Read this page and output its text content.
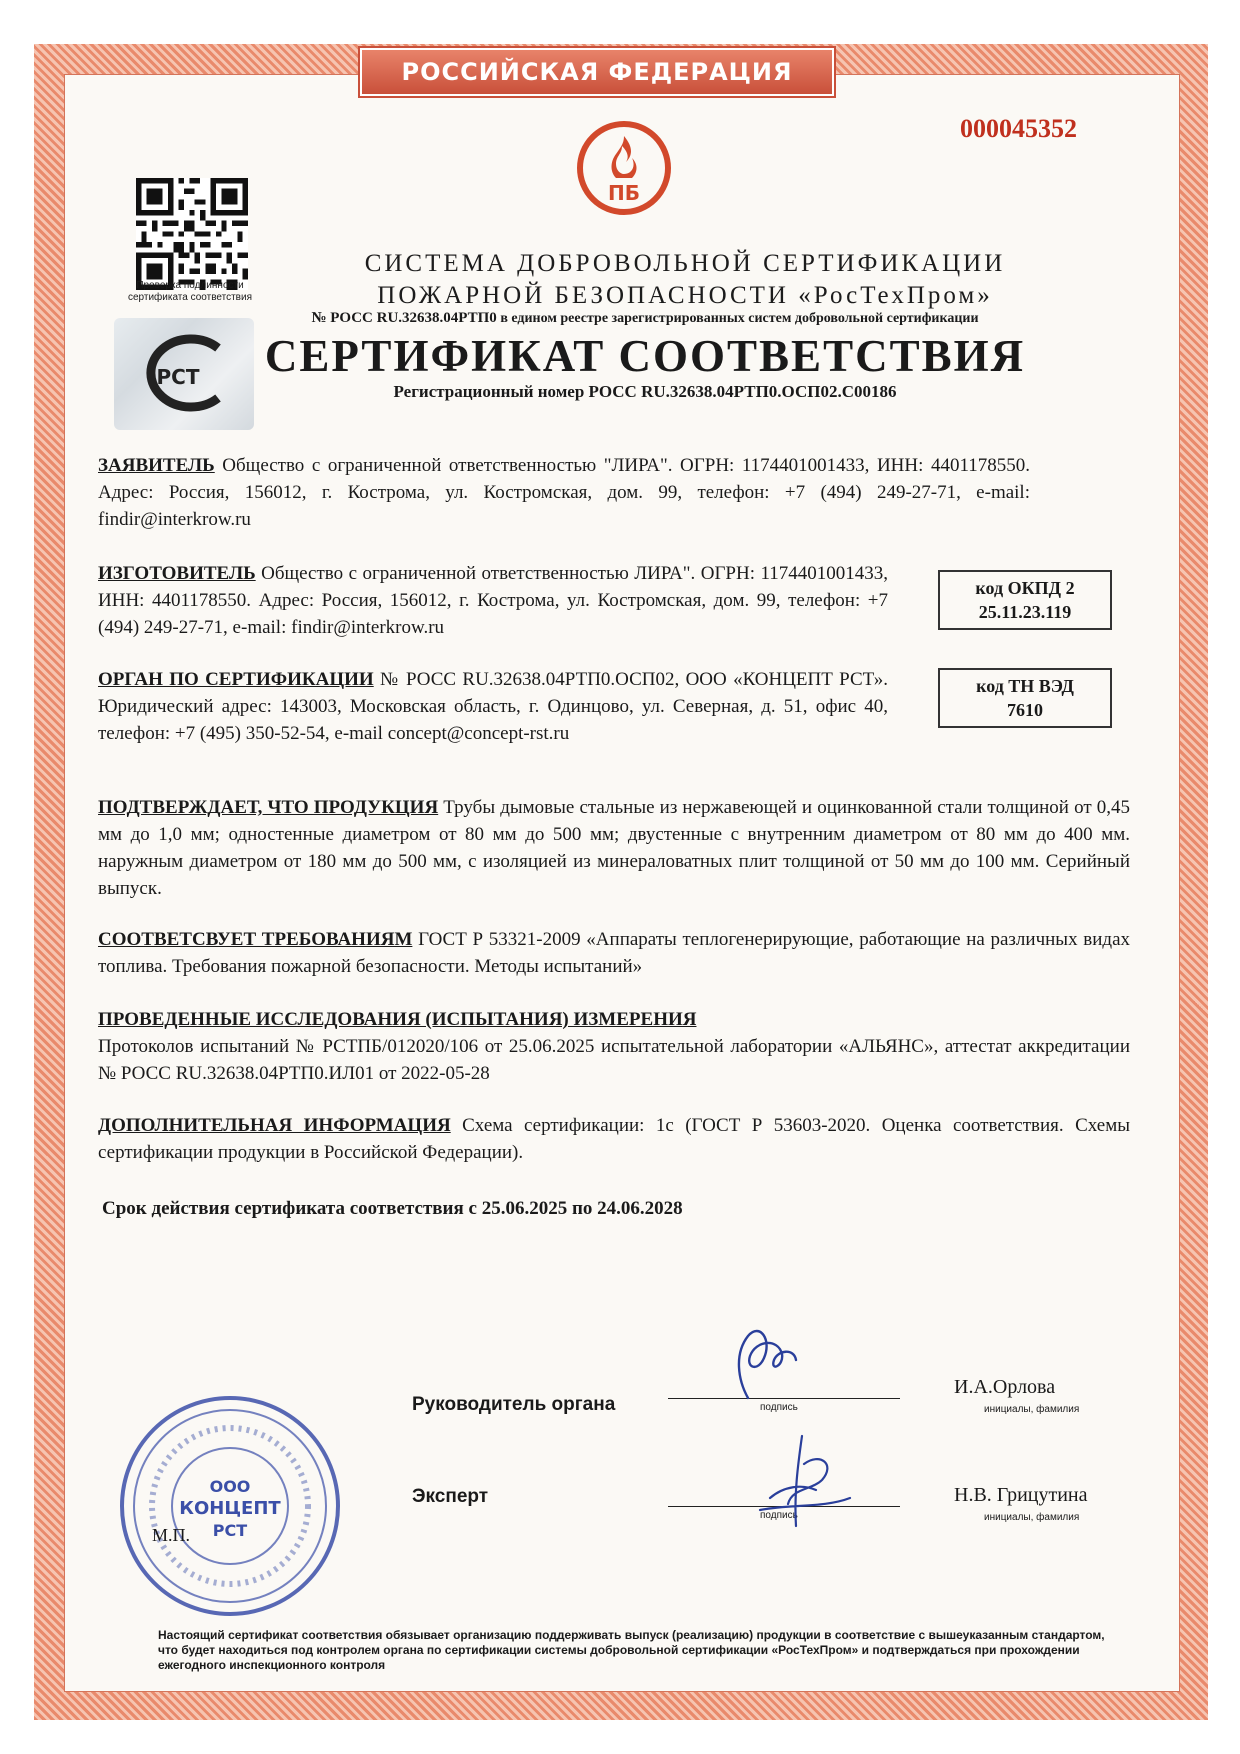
РОССИЙСКАЯ ФЕДЕРАЦИЯ
000045352
ПБ
Проверка подлинности сертификата соответствия
РСТ
СИСТЕМА ДОБРОВОЛЬНОЙ СЕРТИФИКАЦИИ
ПОЖАРНОЙ БЕЗОПАСНОСТИ «РосТехПром»
№ РОСС RU.32638.04РТП0 в едином реестре зарегистрированных систем добровольной сертификации
СЕРТИФИКАТ СООТВЕТСТВИЯ
Регистрационный номер РОСС RU.32638.04РТП0.ОСП02.С00186
ЗАЯВИТЕЛЬ Общество с ограниченной ответственностью "ЛИРА". ОГРН: 1174401001433, ИНН: 4401178550. Адрес: Россия, 156012, г. Кострома, ул. Костромская, дом. 99, телефон: +7 (494) 249-27-71, e-mail: findir@interkrow.ru
ИЗГОТОВИТЕЛЬ Общество с ограниченной ответственностью ЛИРА". ОГРН: 1174401001433, ИНН: 4401178550. Адрес: Россия, 156012, г. Кострома, ул. Костромская, дом. 99, телефон: +7 (494) 249-27-71, e-mail: findir@interkrow.ru
код ОКПД 2
25.11.23.119
ОРГАН ПО СЕРТИФИКАЦИИ № РОСС RU.32638.04РТП0.ОСП02, ООО «КОНЦЕПТ РСТ». Юридический адрес: 143003, Московская область, г. Одинцово, ул. Северная, д. 51, офис 40, телефон: +7 (495) 350-52-54, e-mail concept@concept-rst.ru
код ТН ВЭД
7610
ПОДТВЕРЖДАЕТ, ЧТО ПРОДУКЦИЯ Трубы дымовые стальные из нержавеющей и оцинкованной стали толщиной от 0,45 мм до 1,0 мм; одностенные диаметром от 80 мм до 500 мм; двустенные с внутренним диаметром от 80 мм до 400 мм. наружным диаметром от 180 мм до 500 мм, с изоляцией из минераловатных плит толщиной от 50 мм до 100 мм. Серийный выпуск.
СООТВЕТСВУЕТ ТРЕБОВАНИЯМ ГОСТ Р 53321-2009 «Аппараты теплогенерирующие, работающие на различных видах топлива. Требования пожарной безопасности. Методы испытаний»
ПРОВЕДЕННЫЕ ИССЛЕДОВАНИЯ (ИСПЫТАНИЯ) ИЗМЕРЕНИЯ
Протоколов испытаний № РСТПБ/012020/106 от 25.06.2025 испытательной лаборатории «АЛЬЯНС», аттестат аккредитации № РОСС RU.32638.04РТП0.ИЛ01 от 2022-05-28
ДОПОЛНИТЕЛЬНАЯ ИНФОРМАЦИЯ Схема сертификации: 1с (ГОСТ Р 53603-2020. Оценка соответствия. Схемы сертификации продукции в Российской Федерации).
Срок действия сертификата соответствия с 25.06.2025 по 24.06.2028
ООО
КОНЦЕПТ
РСТ
М.П.
Руководитель органа	подпись
И.А.Орлова
инициалы, фамилия
Эксперт
подпись
Н.В. Грицутина
инициалы, фамилия
Настоящий сертификат соответствия обязывает организацию поддерживать выпуск (реализацию) продукции в соответствие с вышеуказанным стандартом, что будет находиться под контролем органа по сертификации системы добровольной сертификации «РосТехПром» и подтверждаться при прохождении ежегодного инспекционного контроля
